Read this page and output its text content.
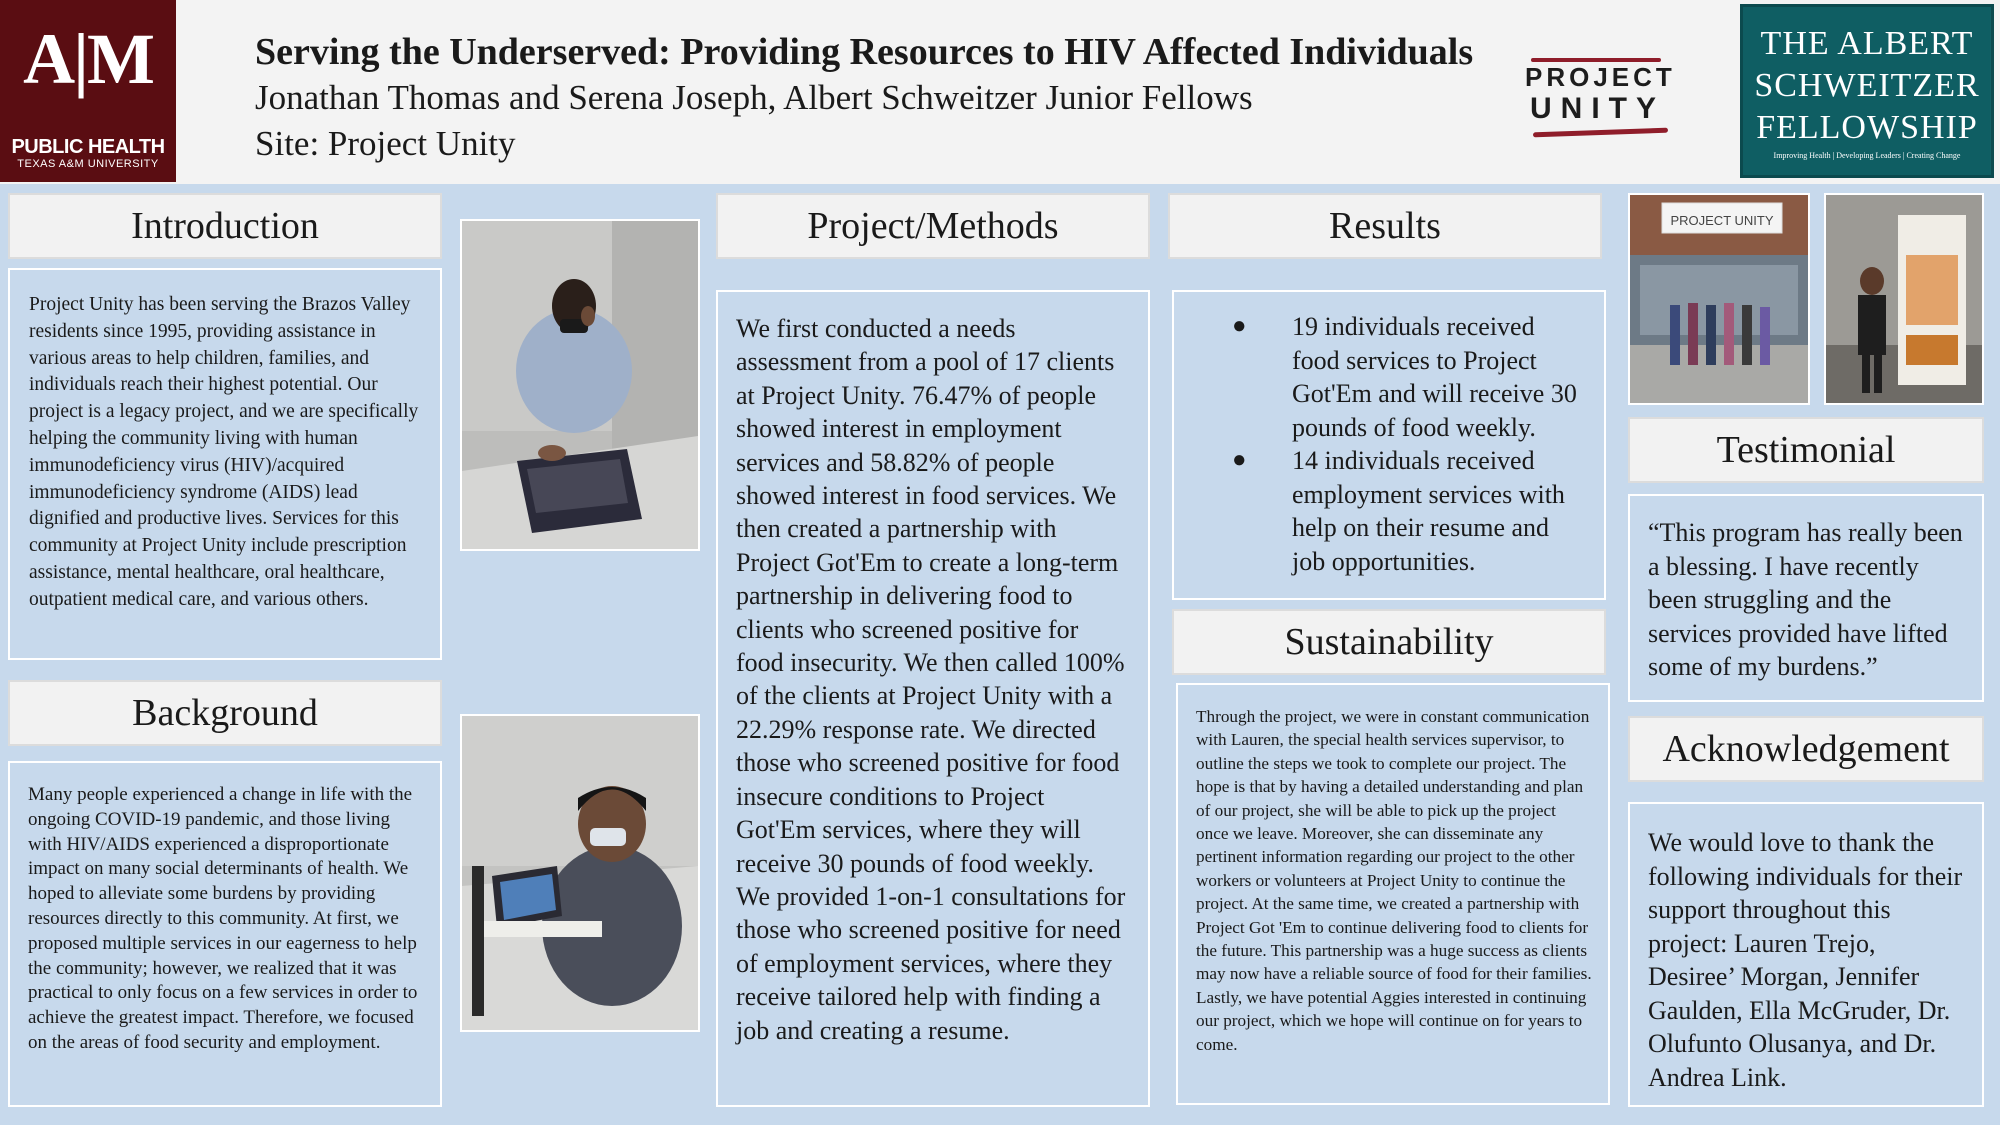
A|M
PUBLIC HEALTH
TEXAS A&M UNIVERSITY
Serving the Underserved: Providing Resources to HIV Affected Individuals
Jonathan Thomas and Serena Joseph, Albert Schweitzer Junior Fellows
Site: Project Unity
PROJECT
UNITY
THE ALBERT
SCHWEITZER
FELLOWSHIP
Improving Health | Developing Leaders | Creating Change
Introduction

Project Unity has been serving the Brazos Valley residents since 1995, providing assistance in various areas to help children, families, and individuals reach their highest potential. Our project is a legacy project, and we are specifically helping the community living with human immunodeficiency virus (HIV)/acquired immunodeficiency syndrome (AIDS) lead dignified and productive lives. Services for this community at Project Unity include prescription assistance, mental healthcare, oral healthcare, outpatient medical care, and various others.

Background

Many people experienced a change in life with the ongoing COVID-19 pandemic, and those living with HIV/AIDS experienced a disproportionate impact on many social determinants of health. We hoped to alleviate some burdens by providing resources directly to this community. At first, we proposed multiple services in our eagerness to help the community; however, we realized that it was practical to only focus on a few services in order to achieve the greatest impact. Therefore, we focused on the areas of food security and employment.

Project/Methods

We first conducted a needs assessment from a pool of 17 clients at Project Unity. 76.47% of people showed interest in employment services and 58.82% of people showed interest in food services. We then created a partnership with Project Got'Em to create a long-term partnership in delivering food to clients who screened positive for food insecurity. We then called 100% of the clients at Project Unity with a 22.29% response rate. We directed those who screened positive for food insecure conditions to Project Got'Em services, where they will receive 30 pounds of food weekly. We provided 1-on-1 consultations for those who screened positive for need of employment services, where they receive tailored help with finding a job and creating a resume.

Results
● 19 individuals received food services to Project Got'Em and will receive 30 pounds of food weekly.
● 14 individuals received employment services with help on their resume and job opportunities.
Sustainability

Through the project, we were in constant communication with Lauren, the special health services supervisor, to outline the steps we took to complete our project. The hope is that by having a detailed understanding and plan of our project, she will be able to pick up the project once we leave. Moreover, she can disseminate any pertinent information regarding our project to the other workers or volunteers at Project Unity to continue the project. At the same time, we created a partnership with Project Got 'Em to continue delivering food to clients for the future. This partnership was a huge success as clients may now have a reliable source of food for their families. Lastly, we have potential Aggies interested in continuing our project, which we hope will continue on for years to come.

PROJECT UNITY
Testimonial

“This program has really been a blessing. I have recently been struggling and the services provided have lifted some of my burdens.”

Acknowledgement

We would love to thank the following individuals for their support throughout this project: Lauren Trejo, Desiree’ Morgan, Jennifer Gaulden, Ella McGruder, Dr. Olufunto Olusanya, and Dr. Andrea Link.
